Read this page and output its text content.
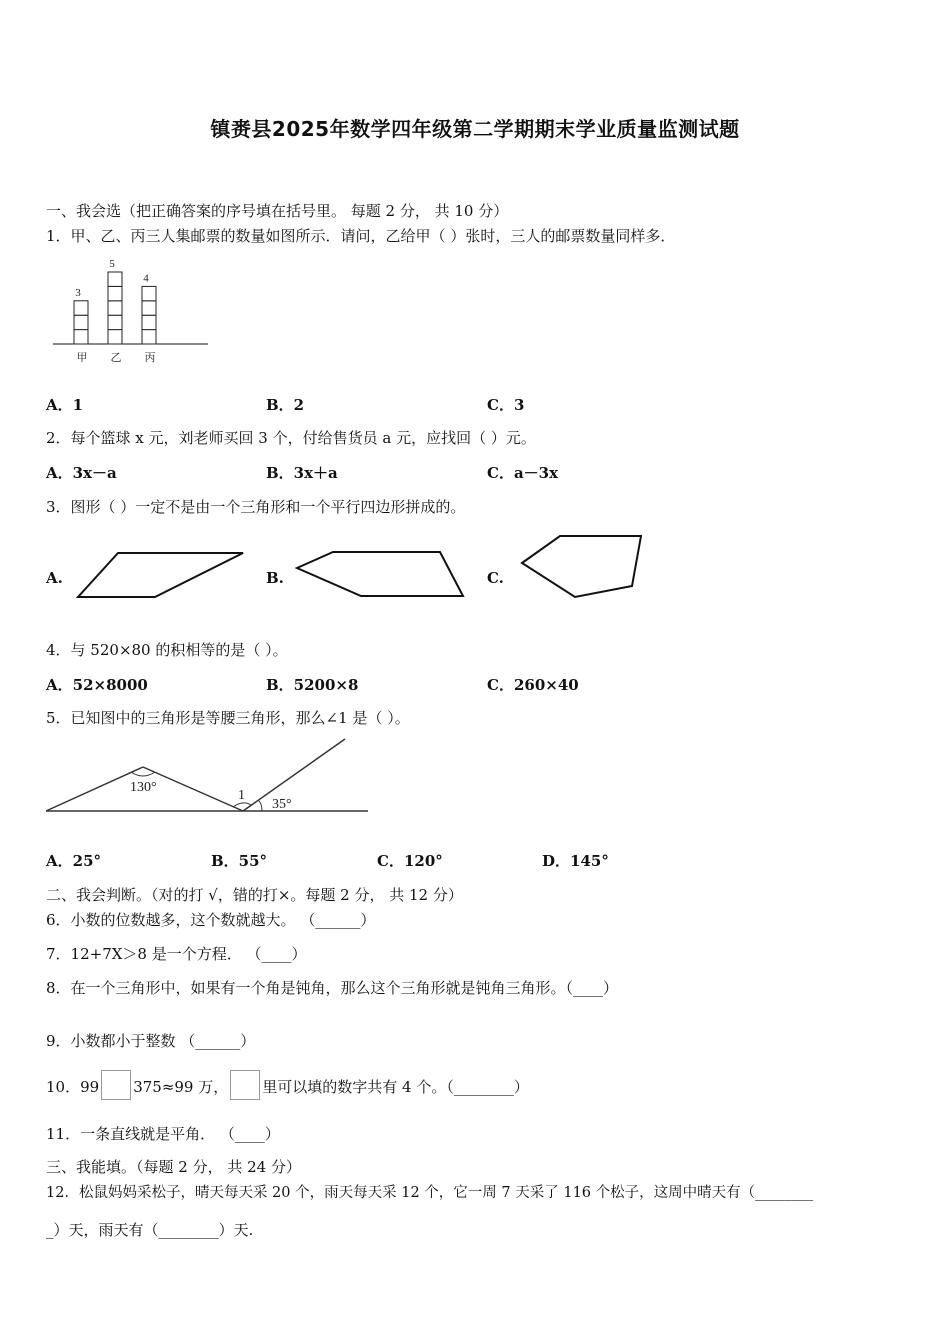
镇赉县2025年数学四年级第二学期期末学业质量监测试题
一、我会选（把正确答案的序号填在括号里。 每题 2 分， 共 10 分）
1．甲、乙、丙三人集邮票的数量如图所示．请问，乙给甲（ ）张时，三人的邮票数量同样多．
3
甲
5
乙
4
丙
A．1	B．2	C．3
2．每个篮球 x 元，刘老师买回 3 个，付给售货员 a 元，应找回（ ）元。
A．3x－a	B．3x＋a	C．a－3x
3．图形（ ）一定不是由一个三角形和一个平行四边形拼成的。
A.	B.	C.
4．与 520×80 的积相等的是（ ）。
A．52×8000	B．5200×8	C．260×40
5．已知图中的三角形是等腰三角形，那么∠1 是（ ）。
130°
1
35°
A．25°	B．55°	C．120°	D．145°
二、我会判断。（对的打 √，错的打×。每题 2 分， 共 12 分）
6．小数的位数越多，这个数就越大。 （______）
7．12+7X＞8 是一个方程． （____）
8．在一个三角形中，如果有一个角是钝角，那么这个三角形就是钝角三角形。（____）
9．小数都小于整数 （______）
10．99 375≈99 万， 里可以填的数字共有 4 个。（________）
11．一条直线就是平角． （____）
三、我能填。（每题 2 分， 共 24 分）
12．松鼠妈妈采松子，晴天每天采 20 个，雨天每天采 12 个，它一周 7 天采了 116 个松子，这周中晴天有（________
_）天，雨天有（________）天.
